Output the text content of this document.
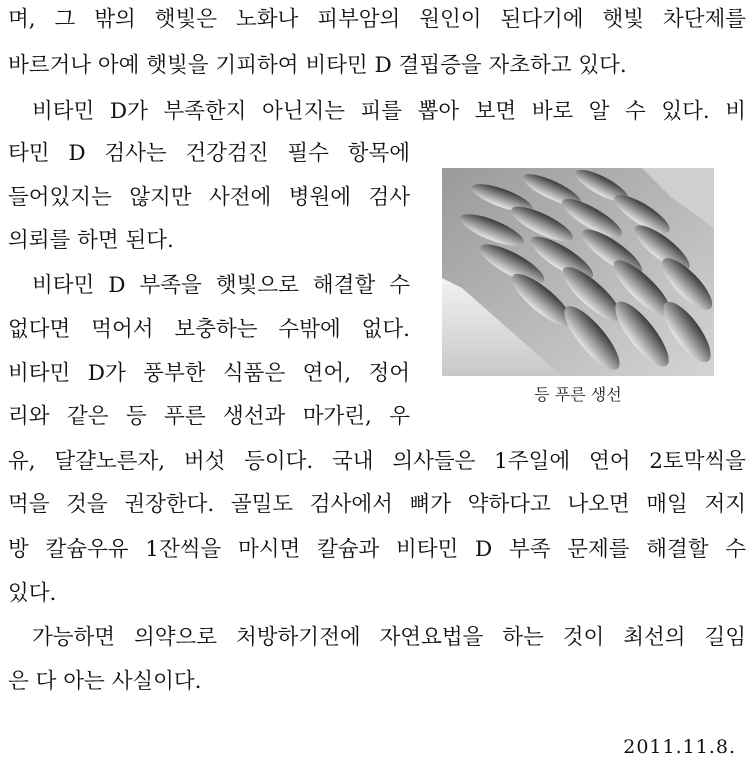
며, 그 밖의 햇빛은 노화나 피부암의 원인이 된다기에 햇빛 차단제를
바르거나 아예 햇빛을 기피하여 비타민 D 결핍증을 자초하고 있다.
비타민 D가 부족한지 아닌지는 피를 뽑아 보면 바로 알 수 있다. 비
타민 D 검사는 건강검진 필수 항목에
들어있지는 않지만 사전에 병원에 검사
의뢰를 하면 된다.
비타민 D 부족을 햇빛으로 해결할 수
없다면 먹어서 보충하는 수밖에 없다.
비타민 D가 풍부한 식품은 연어, 정어
리와 같은 등 푸른 생선과 마가린, 우
유, 달걀노른자, 버섯 등이다. 국내 의사들은 1주일에 연어 2토막씩을
먹을 것을 권장한다. 골밀도 검사에서 뼈가 약하다고 나오면 매일 저지
방 칼슘우유 1잔씩을 마시면 칼슘과 비타민 D 부족 문제를 해결할 수
있다.
가능하면 의약으로 처방하기전에 자연요법을 하는 것이 최선의 길임
은 다 아는 사실이다.
등 푸른 생선
2011.11.8.
